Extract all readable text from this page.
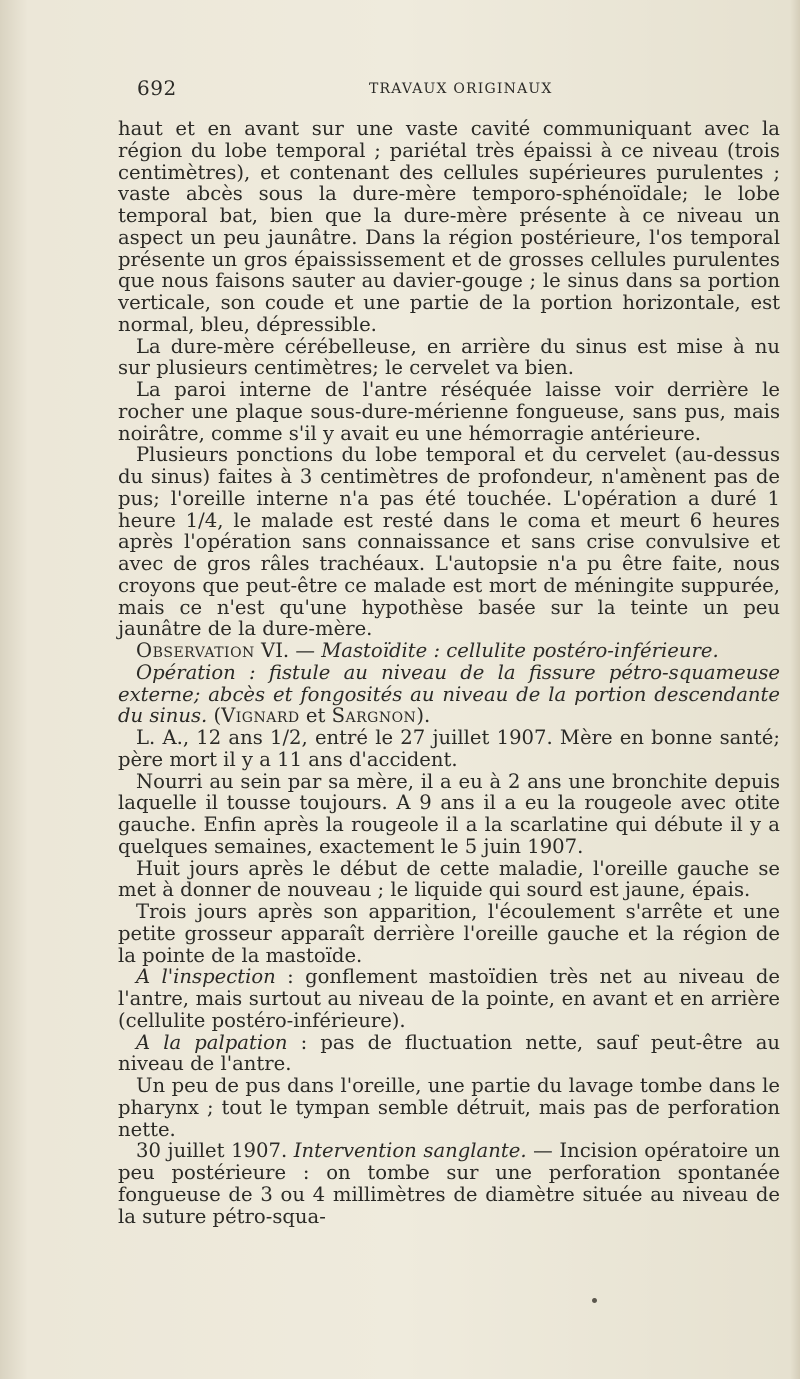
692	TRAVAUX ORIGINAUX

haut et en avant sur une vaste cavité communiquant avec la région du lobe temporal ; pariétal très épaissi à ce niveau (trois centimètres), et contenant des cellules supérieures purulentes ; vaste abcès sous la dure-mère temporo-sphénoïdale; le lobe temporal bat, bien que la dure-mère présente à ce niveau un aspect un peu jaunâtre. Dans la région postérieure, l'os temporal présente un gros épaississement et de grosses cellules purulentes que nous faisons sauter au davier-gouge ; le sinus dans sa portion verticale, son coude et une partie de la portion horizontale, est normal, bleu, dépressible.

La dure-mère cérébelleuse, en arrière du sinus est mise à nu sur plusieurs centimètres; le cervelet va bien.

La paroi interne de l'antre réséquée laisse voir derrière le rocher une plaque sous-dure-mérienne fongueuse, sans pus, mais noirâtre, comme s'il y avait eu une hémorragie antérieure.

Plusieurs ponctions du lobe temporal et du cervelet (au-dessus du sinus) faites à 3 centimètres de profondeur, n'amènent pas de pus; l'oreille interne n'a pas été touchée. L'opération a duré 1 heure 1/4, le malade est resté dans le coma et meurt 6 heures après l'opération sans connaissance et sans crise convulsive et avec de gros râles trachéaux. L'autopsie n'a pu être faite, nous croyons que peut-être ce malade est mort de méningite suppurée, mais ce n'est qu'une hypothèse basée sur la teinte un peu jaunâtre de la dure-mère.

Observation VI. — Mastoïdite : cellulite postéro-inférieure.

Opération : fistule au niveau de la fissure pétro-squameuse externe; abcès et fongosités au niveau de la portion descendante du sinus. (Vignard et Sargnon).

L. A., 12 ans 1/2, entré le 27 juillet 1907. Mère en bonne santé; père mort il y a 11 ans d'accident.

Nourri au sein par sa mère, il a eu à 2 ans une bronchite depuis laquelle il tousse toujours. A 9 ans il a eu la rougeole avec otite gauche. Enfin après la rougeole il a la scarlatine qui débute il y a quelques semaines, exactement le 5 juin 1907.

Huit jours après le début de cette maladie, l'oreille gauche se met à donner de nouveau ; le liquide qui sourd est jaune, épais.

Trois jours après son apparition, l'écoulement s'arrête et une petite grosseur apparaît derrière l'oreille gauche et la région de la pointe de la mastoïde.

A l'inspection : gonflement mastoïdien très net au niveau de l'antre, mais surtout au niveau de la pointe, en avant et en arrière (cellulite postéro-inférieure).

A la palpation : pas de fluctuation nette, sauf peut-être au niveau de l'antre.

Un peu de pus dans l'oreille, une partie du lavage tombe dans le pharynx ; tout le tympan semble détruit, mais pas de perforation nette.

30 juillet 1907. Intervention sanglante. — Incision opératoire un peu postérieure : on tombe sur une perforation spontanée fongueuse de 3 ou 4 millimètres de diamètre située au niveau de la suture pétro-squa-
